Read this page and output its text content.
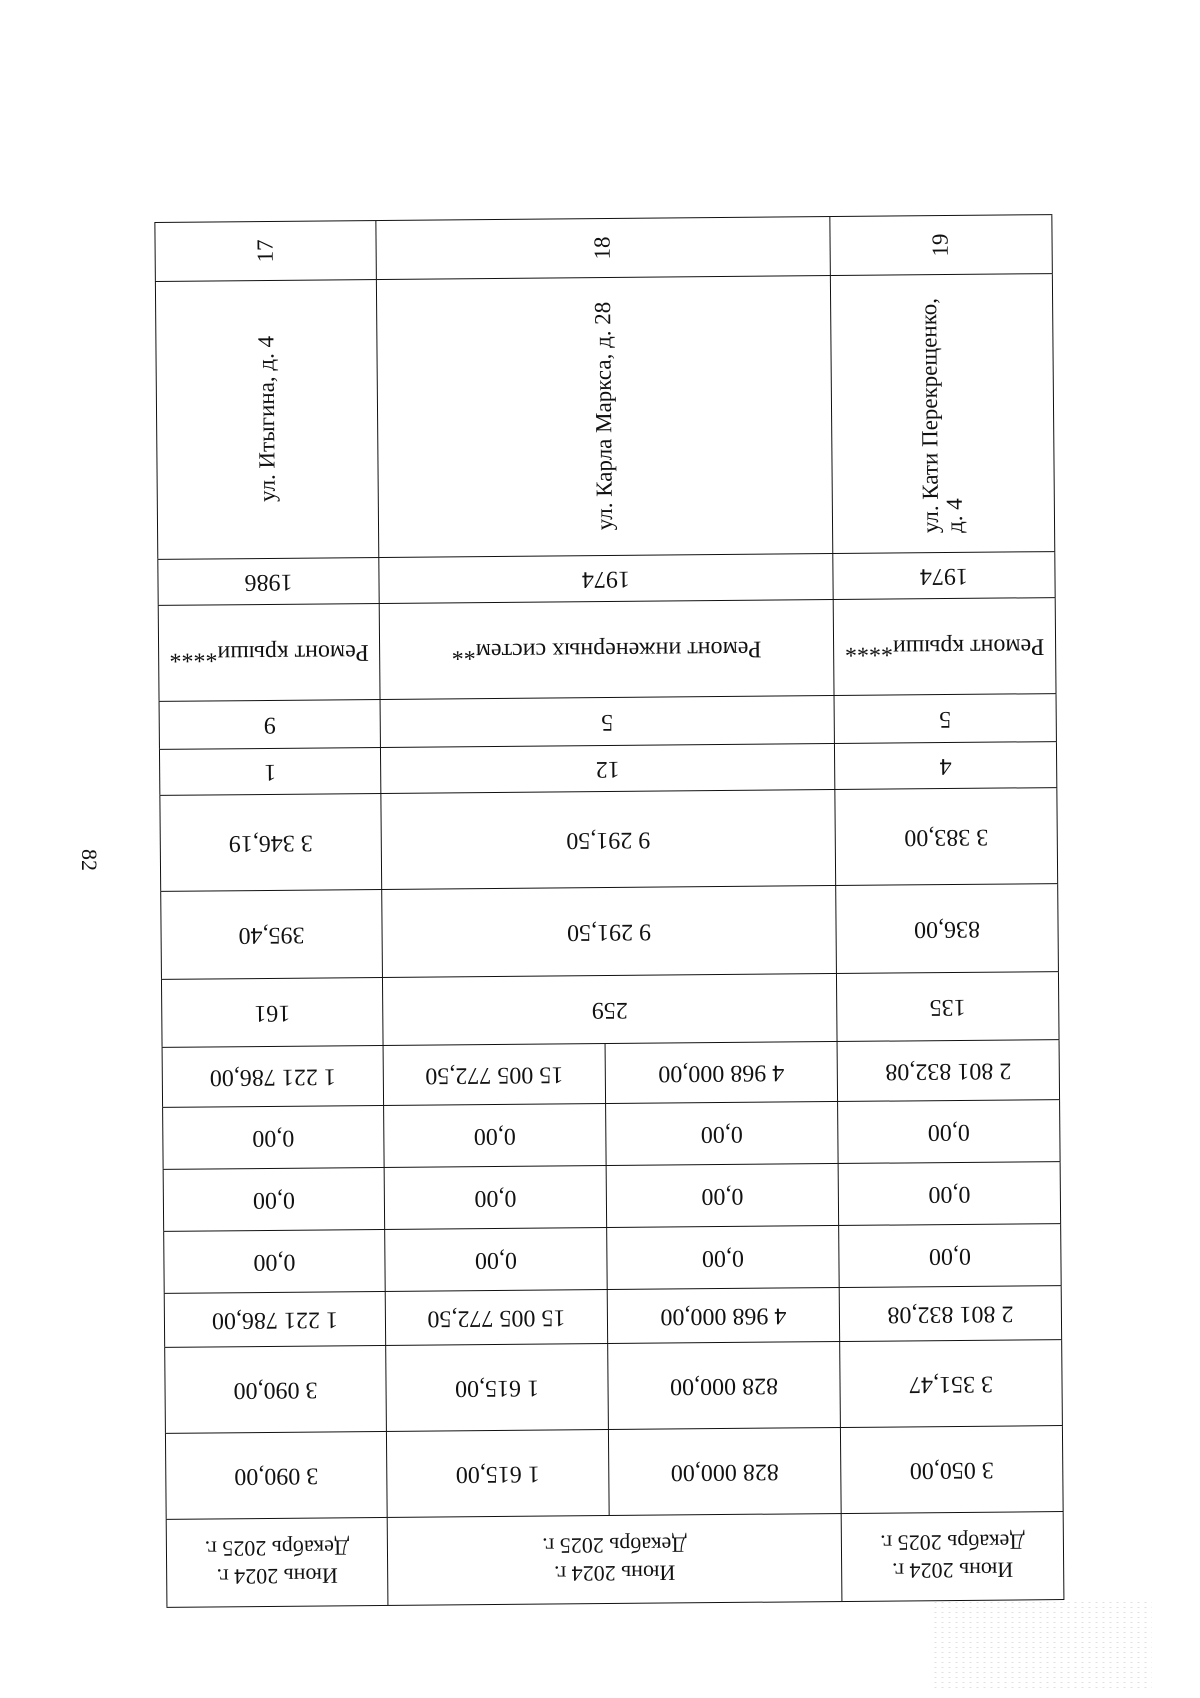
82
Июнь 2024 г.
Декабрь 2025 г.
Июнь 2024 г.
Декабрь 2025 г.
Июнь 2024 г.
Декабрь 2025 г.
3 050,00
828 000,00
1 615,00
3 090,00
3 351,47
828 000,00
1 615,00
3 090,00
2 801 832,08
4 968 000,00
15 005 772,50
1 221 786,00
0,00
0,00
0,00
0,00
0,00
0,00
0,00
0,00
0,00
0,00
0,00
0,00
2 801 832,08
4 968 000,00
15 005 772,50
1 221 786,00
135
259
161
836,00
9 291,50
395,40
3 383,00
9 291,50
3 346,19
4
12
1
5
5
9
Ремонт крыши****
Ремонт инженерных систем**
Ремонт крыши****
1974
1974
1986
ул. Кати Перекрещенко, д. 4
ул. Карла Маркса, д. 28
ул. Итыгина, д. 4
19
18
17
